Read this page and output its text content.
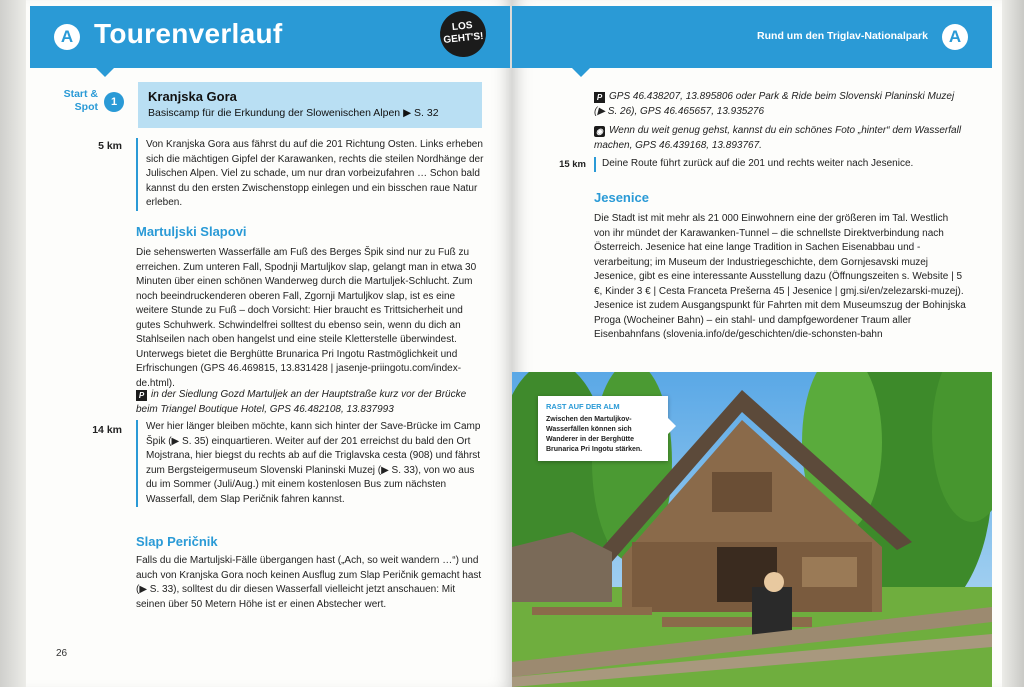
A Tourenverlauf	LOS GEHT'S!
Start & Spot	1	Kranjska Gora
Basiscamp für die Erkundung der Slowenischen Alpen ▶ S. 32
5 km	Von Kranjska Gora aus fährst du auf die 201 Richtung Osten. Links erheben sich die mächtigen Gipfel der Karawanken, rechts die steilen Nordhänge der Julischen Alpen. Viel zu schade, um nur dran vorbeizufahren … Schon bald kannst du den ersten Zwischenstopp einlegen und ein bisschen raue Natur erleben.
Martuljski Slapovi
Die sehenswerten Wasserfälle am Fuß des Berges Špik sind nur zu Fuß zu erreichen. Zum unteren Fall, Spodnji Martuljkov slap, gelangt man in etwa 30 Minuten über einen schönen Wanderweg durch die Martuljek-Schlucht. Zum noch beeindruckenderen oberen Fall, Zgornji Martuljkov slap, ist es eine weitere Stunde zu Fuß – doch Vorsicht: Hier braucht es Trittsicherheit und gutes Schuhwerk. Schwindelfrei solltest du ebenso sein, wenn du dich an Stahlseilen nach oben hangelst und eine steile Kletterstelle überwindest. Unterwegs bietet die Berghütte Brunarica Pri Ingotu Rastmöglichkeit und Erfrischungen (GPS 46.469815, 13.831428 | jasenje-priingotu.com/index-de.html).
P in der Siedlung Gozd Martuljek an der Hauptstraße kurz vor der Brücke beim Triangel Boutique Hotel, GPS 46.482108, 13.837993
14 km	Wer hier länger bleiben möchte, kann sich hinter der Save-Brücke im Camp Špik (▶ S. 35) einquartieren. Weiter auf der 201 erreichst du bald den Ort Mojstrana, hier biegst du rechts ab auf die Triglavska cesta (908) und fährst zum Bergsteigermuseum Slovenski Planinski Muzej (▶ S. 33), von wo aus du im Sommer (Juli/Aug.) mit einem kostenlosen Bus zum nächsten Wasserfall, dem Slap Peričnik fahren kannst.
Slap Peričnik
Falls du die Martuljski-Fälle übergangen hast („Ach, so weit wandern …“) und auch von Kranjska Gora noch keinen Ausflug zum Slap Peričnik gemacht hast (▶ S. 33), solltest du dir diesen Wasserfall vielleicht jetzt anschauen: Mit seinen über 50 Metern Höhe ist er einen Abstecher wert.
26
Rund um den Triglav-Nationalpark	A
P GPS 46.438207, 13.895806 oder Park & Ride beim Slovenski Planinski Muzej (▶ S. 26), GPS 46.465657, 13.935276
◉ Wenn du weit genug gehst, kannst du ein schönes Foto „hinter“ dem Wasserfall machen, GPS 46.439168, 13.893767.
15 km	Deine Route führt zurück auf die 201 und rechts weiter nach Jesenice.
Jesenice
Die Stadt ist mit mehr als 21 000 Einwohnern eine der größeren im Tal. Westlich von ihr mündet der Karawanken-Tunnel – die schnellste Direktverbindung nach Österreich. Jesenice hat eine lange Tradition in Sachen Eisenabbau und -verarbeitung; im Museum der Industriegeschichte, dem Gornjesavski muzej Jesenice, gibt es eine interessante Ausstellung dazu (Öffnungszeiten s. Website | 5 €, Kinder 3 € | Cesta Franceta Prešerna 45 | Jesenice | gmj.si/en/zelezarski-muzej). Jesenice ist zudem Ausgangspunkt für Fahrten mit dem Museumszug der Bohinjska Proga (Wocheiner Bahn) – ein stahl- und dampfgewordener Traum aller Eisenbahnfans (slovenia.info/de/geschichten/die-schonsten-bahn
RAST AUF DER ALM
Zwischen den Martuljkov-Wasserfällen können sich Wanderer in der Berghütte Brunarica Pri Ingotu stärken.
